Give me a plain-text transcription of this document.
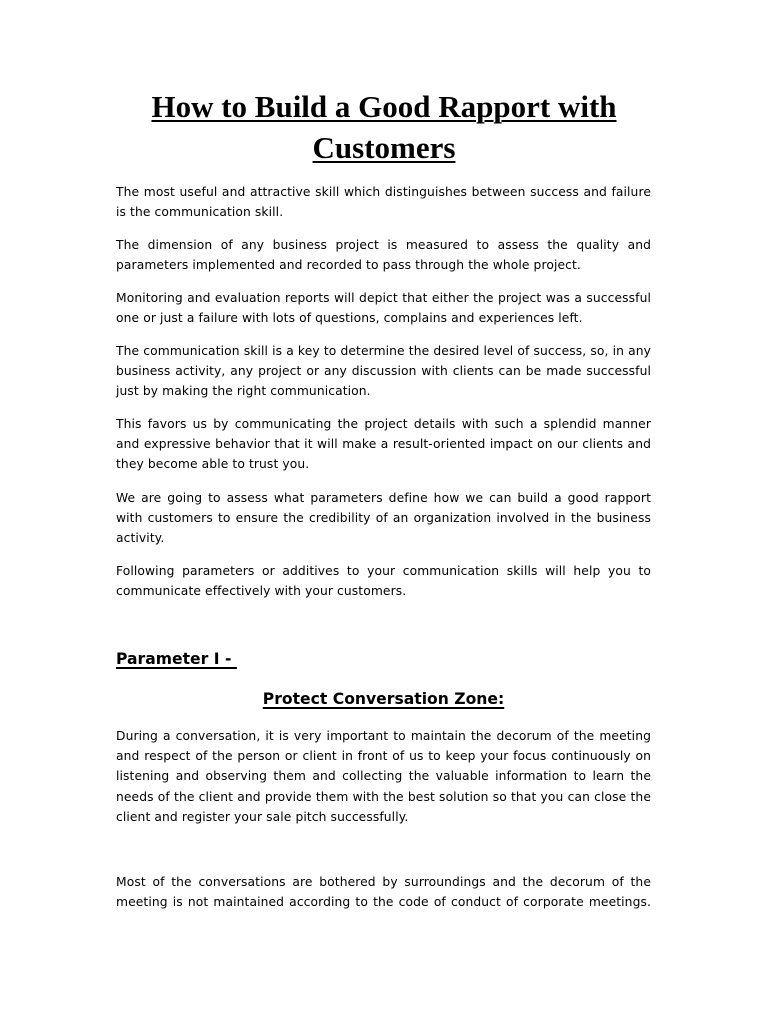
How to Build a Good Rapport with Customers

The most useful and attractive skill which distinguishes between success and failure is the communication skill.

The dimension of any business project is measured to assess the quality and parameters implemented and recorded to pass through the whole project.

Monitoring and evaluation reports will depict that either the project was a successful one or just a failure with lots of questions, complains and experiences left.

The communication skill is a key to determine the desired level of success, so, in any business activity, any project or any discussion with clients can be made successful just by making the right communication.

This favors us by communicating the project details with such a splendid manner and expressive behavior that it will make a result-oriented impact on our clients and they become able to trust you.

We are going to assess what parameters define how we can build a good rapport with customers to ensure the credibility of an organization involved in the business activity.

Following parameters or additives to your communication skills will help you to communicate effectively with your customers.

Parameter I -
Protect Conversation Zone:

During a conversation, it is very important to maintain the decorum of the meeting and respect of the person or client in front of us to keep your focus continuously on listening and observing them and collecting the valuable information to learn the needs of the client and provide them with the best solution so that you can close the client and register your sale pitch successfully.

Most of the conversations are bothered by surroundings and the decorum of the meeting is not maintained according to the code of conduct of corporate meetings.
